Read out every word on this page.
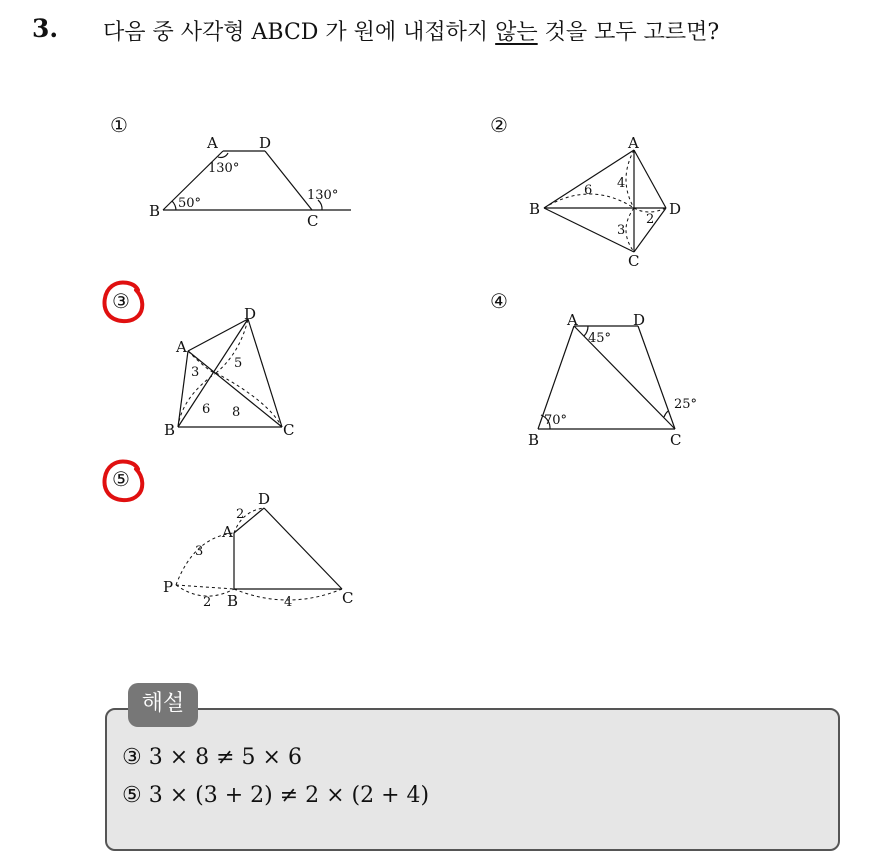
3. 다음 중 사각형 ABCD 가 원에 내접하지 않는 것을 모두 고르면?
①	②
③	④
⑤
A	D
B
C
130°
50°
130°
A
B
C
D
6 4
2
3
D
A
B	C
3
5
6 8
A	D
B	C
45°
25°
70°
D
A
P
B	C
2
3
2	4
해설
③ 3 × 8 ≠ 5 × 6
⑤ 3 × (3 + 2) ≠ 2 × (2 + 4)
